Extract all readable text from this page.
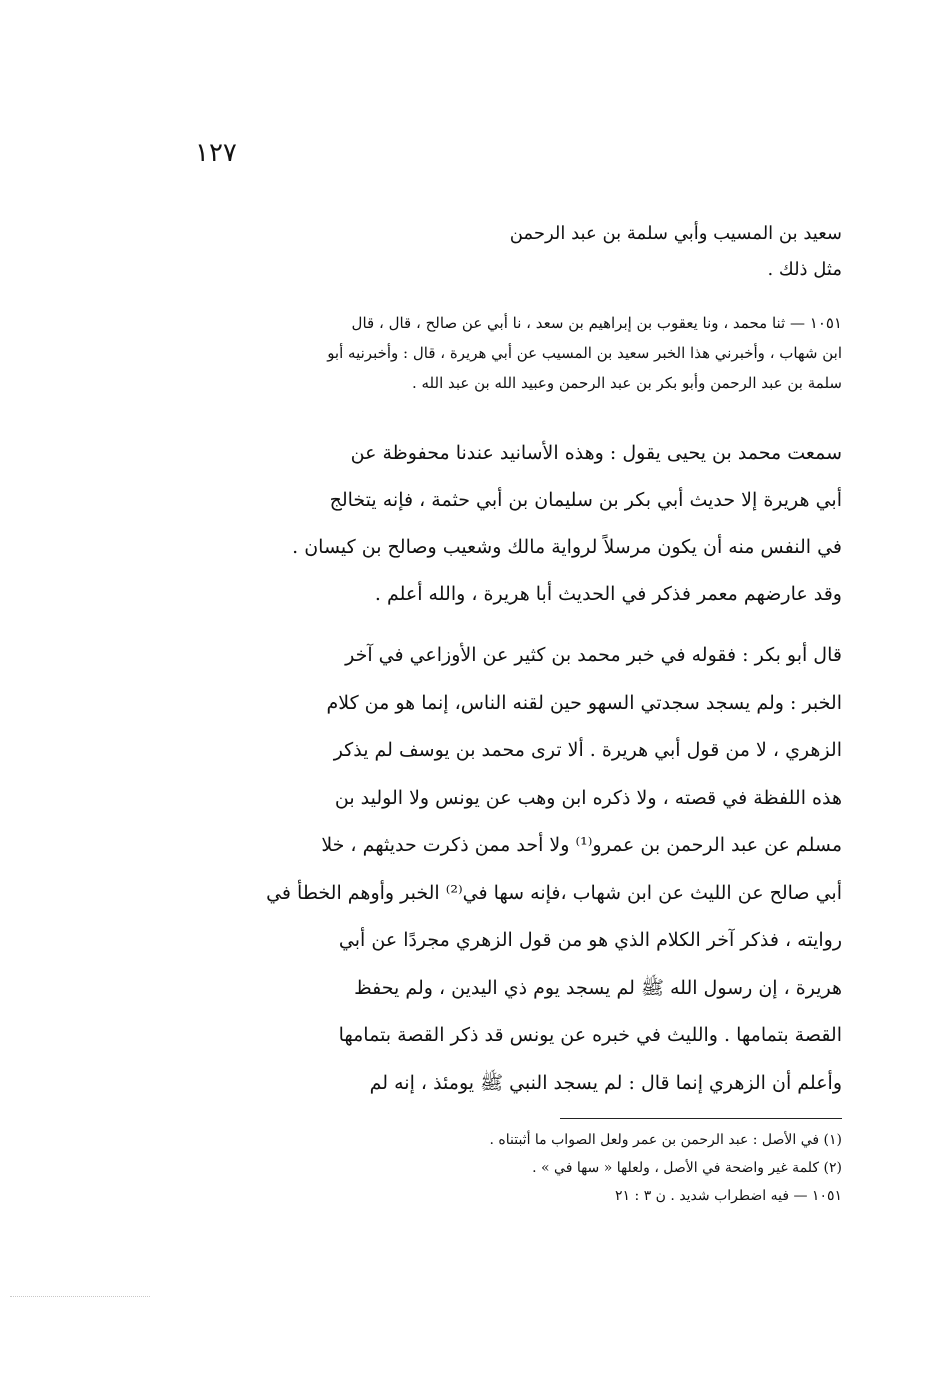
١٢٧
سعيد بن المسيب وأبي سلمة بن عبد الرحمن
مثل ذلك .
١٠٥١ — ثنا محمد ، ونا يعقوب بن إبراهيم بن سعد ، نا أبي عن صالح ، قال ، قال
ابن شهاب ، وأخبرني هذا الخبر سعيد بن المسيب عن أبي هريرة ، قال : وأخبرنيه أبو
سلمة بن عبد الرحمن وأبو بكر بن عبد الرحمن وعبيد الله بن عبد الله .
سمعت محمد بن يحيى يقول : وهذه الأسانيد عندنا محفوظة عن
أبي هريرة إلا حديث أبي بكر بن سليمان بن أبي حثمة ، فإنه يتخالج
في النفس منه أن يكون مرسلاً لرواية مالك وشعيب وصالح بن كيسان .
وقد عارضهم معمر فذكر في الحديث أبا هريرة ، والله أعلم .
قال أبو بكر : فقوله في خبر محمد بن كثير عن الأوزاعي في آخر
الخبر : ولم يسجد سجدتي السهو حين لقنه الناس، إنما هو من كلام
الزهري ، لا من قول أبي هريرة . ألا ترى محمد بن يوسف لم يذكر
هذه اللفظة في قصته ، ولا ذكره ابن وهب عن يونس ولا الوليد بن
مسلم عن عبد الرحمن بن عمرو⁽¹⁾ ولا أحد ممن ذكرت حديثهم ، خلا
أبي صالح عن الليث عن ابن شهاب ،فإنه سها في⁽²⁾ الخبر وأوهم الخطأ في
روايته ، فذكر آخر الكلام الذي هو من قول الزهري مجردًا عن أبي
هريرة ، إن رسول الله ﷺ لم يسجد يوم ذي اليدين ، ولم يحفظ
القصة بتمامها . والليث في خبره عن يونس قد ذكر القصة بتمامها
وأعلم أن الزهري إنما قال : لم يسجد النبي ﷺ يومئذ ، إنه لم
(١) في الأصل : عبد الرحمن بن عمر ولعل الصواب ما أثبتناه .
(٢) كلمة غير واضحة في الأصل ، ولعلها « سها في » .
١٠٥١ — فيه اضطراب شديد . ن ٣ : ٢١
